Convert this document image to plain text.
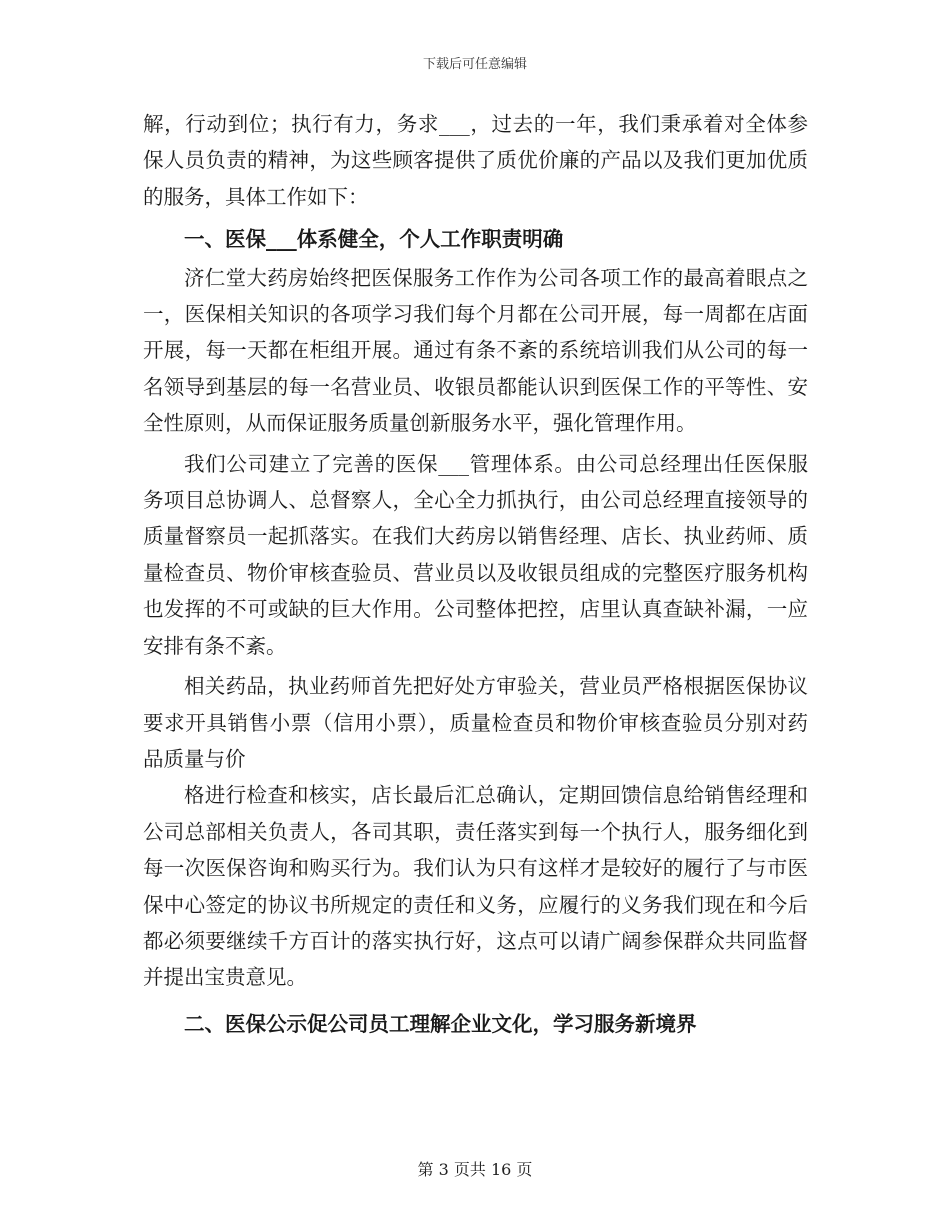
下载后可任意编辑

解，行动到位；执行有力，务求___，过去的一年，我们秉承着对全体参保人员负责的精神，为这些顾客提供了质优价廉的产品以及我们更加优质的服务，具体工作如下：

一、医保___体系健全，个人工作职责明确

济仁堂大药房始终把医保服务工作作为公司各项工作的最高着眼点之一，医保相关知识的各项学习我们每个月都在公司开展，每一周都在店面开展，每一天都在柜组开展。通过有条不紊的系统培训我们从公司的每一名领导到基层的每一名营业员、收银员都能认识到医保工作的平等性、安全性原则，从而保证服务质量创新服务水平，强化管理作用。

我们公司建立了完善的医保___管理体系。由公司总经理出任医保服务项目总协调人、总督察人，全心全力抓执行，由公司总经理直接领导的质量督察员一起抓落实。在我们大药房以销售经理、店长、执业药师、质量检查员、物价审核查验员、营业员以及收银员组成的完整医疗服务机构也发挥的不可或缺的巨大作用。公司整体把控，店里认真查缺补漏，一应安排有条不紊。

相关药品，执业药师首先把好处方审验关，营业员严格根据医保协议要求开具销售小票（信用小票），质量检查员和物价审核查验员分别对药品质量与价

格进行检查和核实，店长最后汇总确认，定期回馈信息给销售经理和公司总部相关负责人，各司其职，责任落实到每一个执行人，服务细化到每一次医保咨询和购买行为。我们认为只有这样才是较好的履行了与市医保中心签定的协议书所规定的责任和义务，应履行的义务我们现在和今后都必须要继续千方百计的落实执行好，这点可以请广阔参保群众共同监督并提出宝贵意见。

二、医保公示促公司员工理解企业文化，学习服务新境界

第 3 页共 16 页
